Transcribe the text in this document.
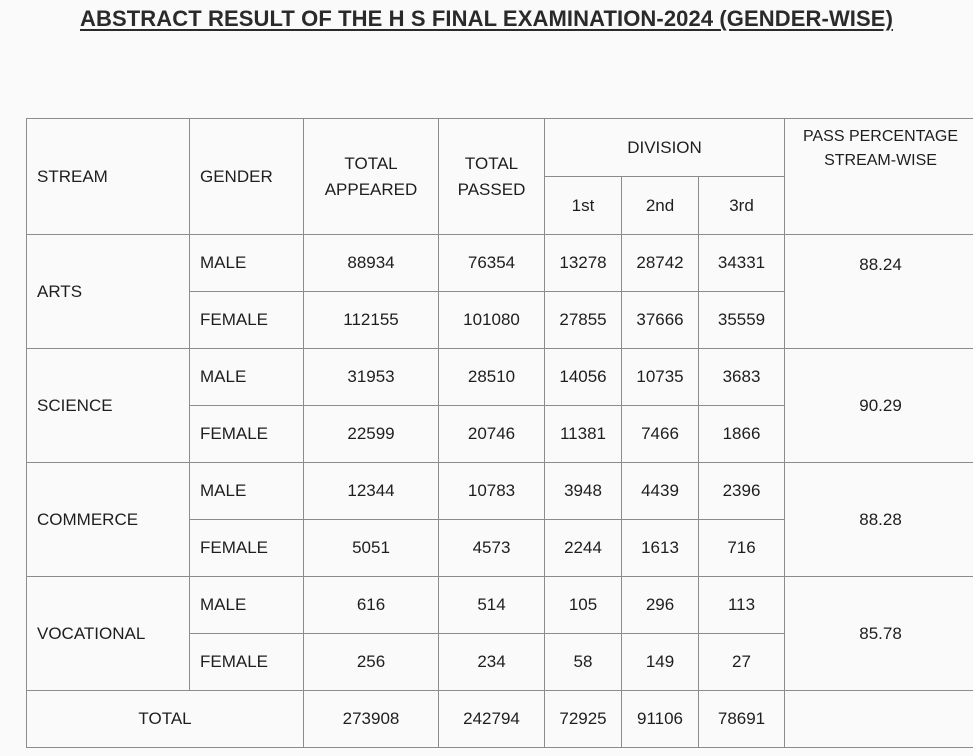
ABSTRACT RESULT OF THE H S FINAL EXAMINATION-2024 (GENDER-WISE)
STREAM	GENDER	TOTAL APPEARED	TOTAL PASSED	DIVISION			PASS PERCENTAGE STREAM-WISE
				1st	2nd	3rd	
ARTS	MALE	88934	76354	13278	28742	34331	88.24
	FEMALE	112155	101080	27855	37666	35559	
SCIENCE	MALE	31953	28510	14056	10735	3683	90.29
	FEMALE	22599	20746	11381	7466	1866	
COMMERCE	MALE	12344	10783	3948	4439	2396	88.28
	FEMALE	5051	4573	2244	1613	716	
VOCATIONAL	MALE	616	514	105	296	113	85.78
	FEMALE	256	234	58	149	27	
TOTAL		273908	242794	72925	91106	78691	
